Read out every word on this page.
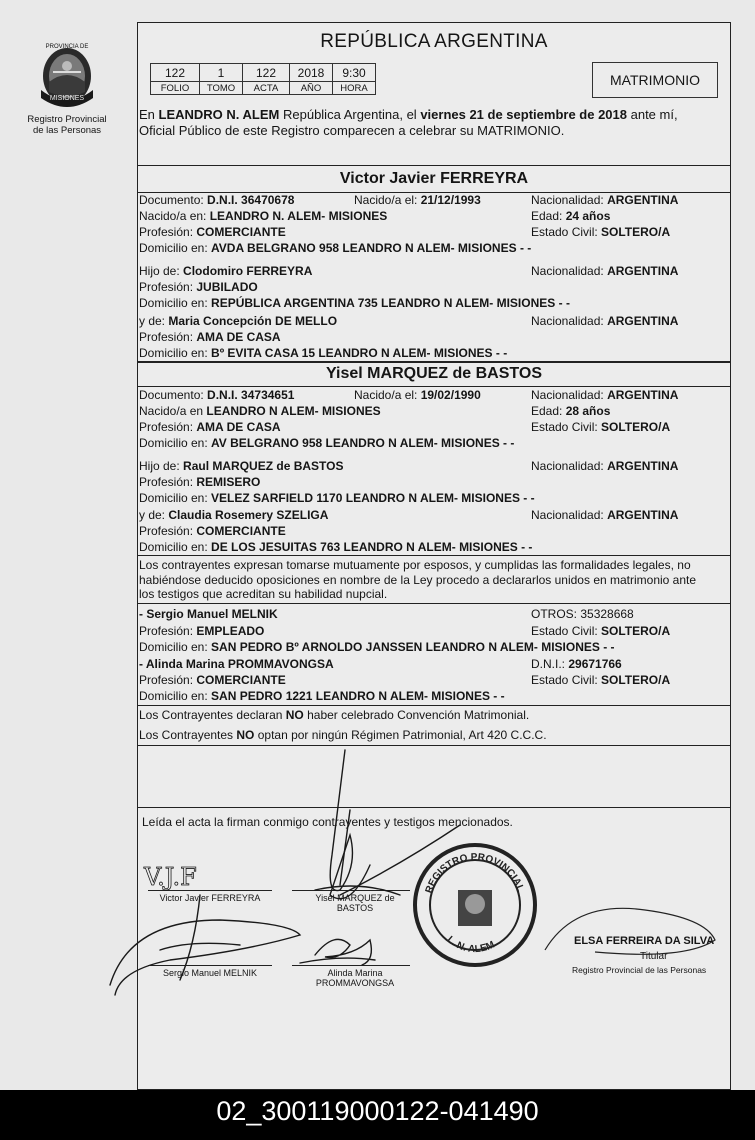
MISIONES
PROVINCIA DE
Registro Provincial
de las Personas
REPÚBLICA ARGENTINA
122	1	122	2018	9:30
FOLIO	TOMO	ACTA	AÑO	HORA	MATRIMONIO
En LEANDRO N. ALEM República Argentina, el viernes 21 de septiembre de 2018 ante mí,
Oficial Público de este Registro comparecen a celebrar su MATRIMONIO.
Victor Javier FERREYRA
Documento: D.N.I. 36470678	Nacido/a el: 21/12/1993	Nacionalidad: ARGENTINA
Nacido/a en: LEANDRO N. ALEM- MISIONES	Edad: 24 años
Profesión: COMERCIANTE	Estado Civil: SOLTERO/A
Domicilio en: AVDA BELGRANO 958 LEANDRO N ALEM- MISIONES - -
Hijo de: Clodomiro FERREYRA	Nacionalidad: ARGENTINA
Profesión: JUBILADO
Domicilio en: REPÚBLICA ARGENTINA 735 LEANDRO N ALEM- MISIONES - -
y de: Maria Concepción DE MELLO	Nacionalidad: ARGENTINA
Profesión: AMA DE CASA
Domicilio en: Bº EVITA CASA 15 LEANDRO N ALEM- MISIONES - -
Yisel MARQUEZ de BASTOS
Documento: D.N.I. 34734651	Nacido/a el: 19/02/1990	Nacionalidad: ARGENTINA
Nacido/a en LEANDRO N ALEM- MISIONES	Edad: 28 años
Profesión: AMA DE CASA	Estado Civil: SOLTERO/A
Domicilio en: AV BELGRANO 958 LEANDRO N ALEM- MISIONES - -
Hijo de: Raul MARQUEZ de BASTOS	Nacionalidad: ARGENTINA
Profesión: REMISERO
Domicilio en: VELEZ SARFIELD 1170 LEANDRO N ALEM- MISIONES - -
y de: Claudia Rosemery SZELIGA	Nacionalidad: ARGENTINA
Profesión: COMERCIANTE
Domicilio en: DE LOS JESUITAS 763 LEANDRO N ALEM- MISIONES - -
Los contrayentes expresan tomarse mutuamente por esposos, y cumplidas las formalidades legales, no
habiéndose deducido oposiciones en nombre de la Ley procedo a declararlos unidos en matrimonio ante
los testigos que acreditan su habilidad nupcial.
- Sergio Manuel MELNIK	OTROS: 35328668
Profesión: EMPLEADO	Estado Civil: SOLTERO/A
Domicilio en: SAN PEDRO Bº ARNOLDO JANSSEN LEANDRO N ALEM- MISIONES - -
- Alinda Marina PROMMAVONGSA	D.N.I.: 29671766
Profesión: COMERCIANTE	Estado Civil: SOLTERO/A
Domicilio en: SAN PEDRO 1221 LEANDRO N ALEM- MISIONES - -
Los Contrayentes declaran NO haber celebrado Convención Matrimonial.
Los Contrayentes NO optan por ningún Régimen Patrimonial, Art 420 C.C.C.
Leída el acta la firman conmigo contrayentes y testigos mencionados.
Victor Javier FERREYRA	Yisel MARQUEZ de
BASTOS
Sergio Manuel MELNIK	Alinda Marina
PROMMAVONGSA
V.J.F	REGISTRO PROVINCIAL
L. N. ALEM	ELSA FERREIRA DA SILVA
Titular
Registro Provincial de las Personas
02_300119000122-041490
